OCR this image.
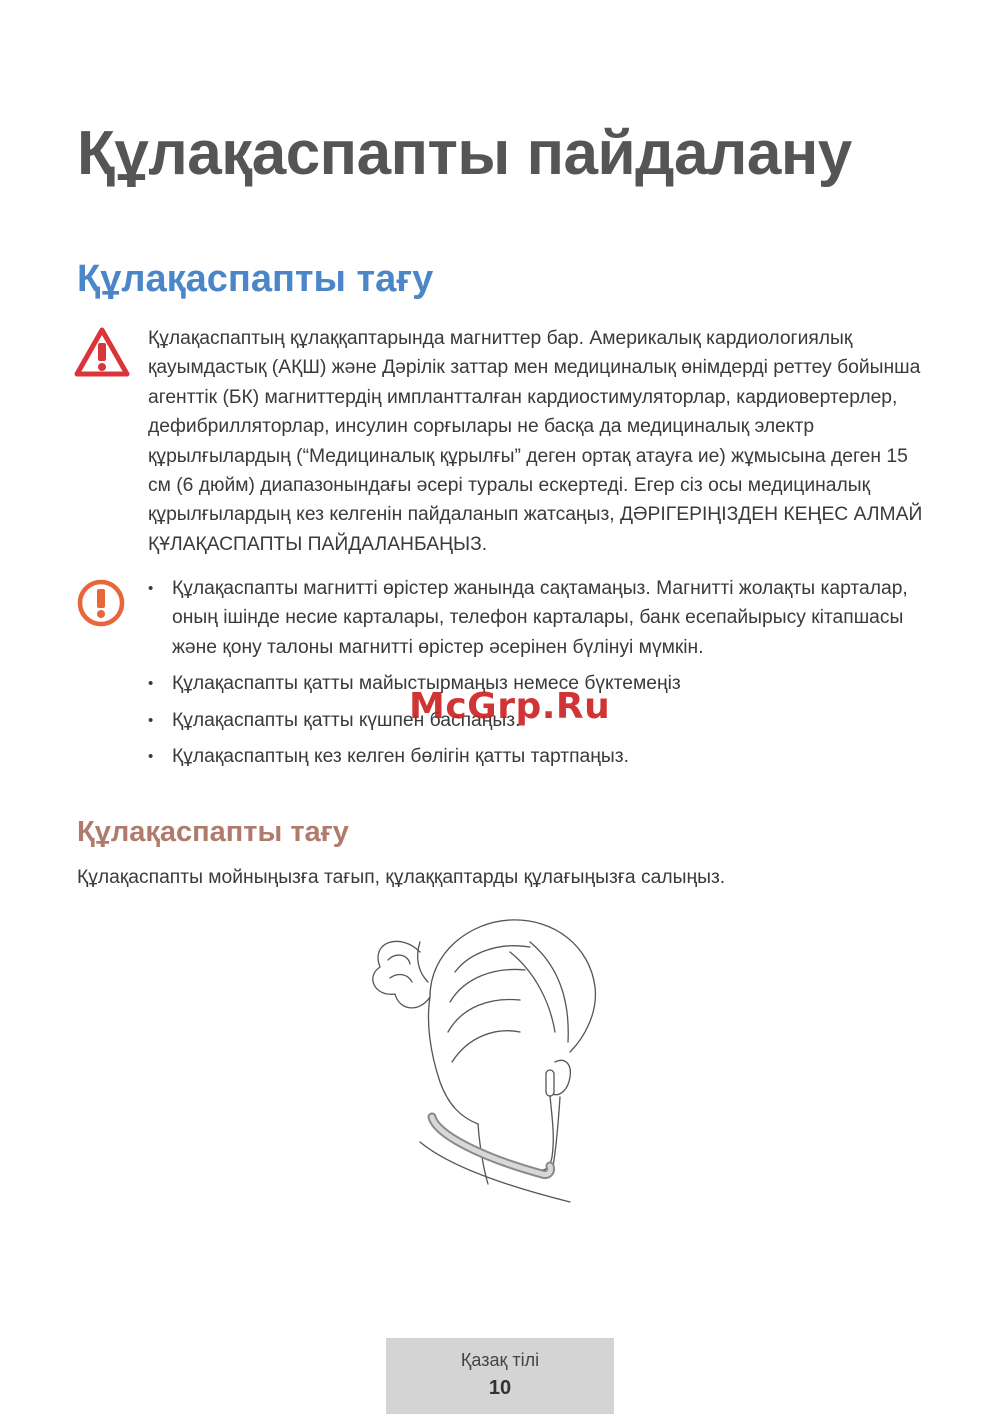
Құлақаспапты пайдалану
Құлақаспапты тағу

Құлақаспаптың құлаққаптарында магниттер бар. Америкалық кардиологиялық қауымдастық (АҚШ) және Дәрілік заттар мен медициналық өнімдерді реттеу бойынша агенттік (БК) магниттердің имплантталған кардиостимуляторлар, кардиовертерлер, дефибрилляторлар, инсулин сорғылары не басқа да медициналық электр құрылғылардың (“Медициналық құрылғы” деген ортақ атауға ие) жұмысына деген 15 см (6 дюйм) диапазонындағы әсері туралы ескертеді. Егер сіз осы медициналық құрылғылардың кез келгенін пайдаланып жатсаңыз, ДӘРІГЕРІҢІЗДЕН КЕҢЕС АЛМАЙ ҚҰЛАҚАСПАПТЫ ПАЙДАЛАНБАҢЫЗ.

• Құлақаспапты магнитті өрістер жанында сақтамаңыз. Магнитті жолақты карталар, оның ішінде несие карталары, телефон карталары, банк есепайырысу кітапшасы және қону талоны магнитті өрістер әсерінен бүлінуі мүмкін.
• Құлақаспапты қатты майыстырмаңыз немесе бүктемеңіз
• Құлақаспапты қатты күшпен баспаңыз.
• Құлақаспаптың кез келген бөлігін қатты тартпаңыз.
McGrp.Ru
Құлақаспапты тағу

Құлақаспапты мойныңызға тағып, құлаққаптарды құлағыңызға салыңыз.

Қазақ тілі
10
